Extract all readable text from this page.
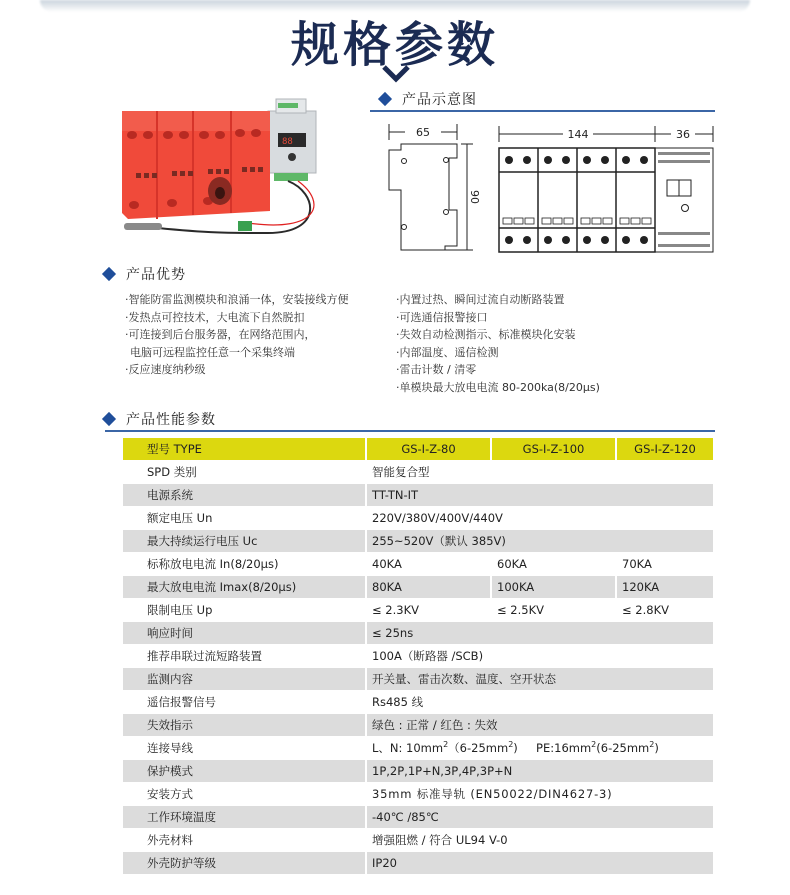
规格参数
88
产品示意图
65
90
144	36
产品优势
·智能防雷监测模块和浪涌一体，安装接线方便
·发热点可控技术，大电流下自然脱扣
·可连接到后台服务器，在网络范围内，
电脑可远程监控任意一个采集终端
·反应速度纳秒级
·内置过热、瞬间过流自动断路装置
·可选通信报警接口
·失效自动检测指示、标准模块化安装
·内部温度、遥信检测
·雷击计数 / 清零
·单模块最大放电电流 80-200ka(8/20μs)
产品性能参数
型号 TYPE	GS-I-Z-80	GS-I-Z-100	GS-I-Z-120
SPD 类别	智能复合型		
电源系统	TT-TN-IT		
额定电压 Un	220V/380V/400V/440V		
最大持续运行电压 Uc	255~520V（默认 385V)		
标称放电电流 In(8/20μs)	40KA	60KA	70KA
最大放电电流 Imax(8/20μs)	80KA	100KA	120KA
限制电压 Up	≤ 2.3KV	≤ 2.5KV	≤ 2.8KV
响应时间	≤ 25ns		
推荐串联过流短路装置	100A（断路器 /SCB)		
监测内容	开关量、雷击次数、温度、空开状态		
遥信报警信号	Rs485 线		
失效指示	绿色 : 正常 / 红色 : 失效		
连接导线	L、N: $10mm^2(6-25mm^2)$     $PE:16mm^2(6-25mm^2)$		
保护模式	1P,2P,1P+N,3P,4P,3P+N		
安装方式	35mm 标准导轨 (EN50022/DIN4627-3)		
工作环境温度	-40℃ /85℃		
外壳材料	增强阻燃 / 符合 UL94 V-0		
外壳防护等级	IP20		
